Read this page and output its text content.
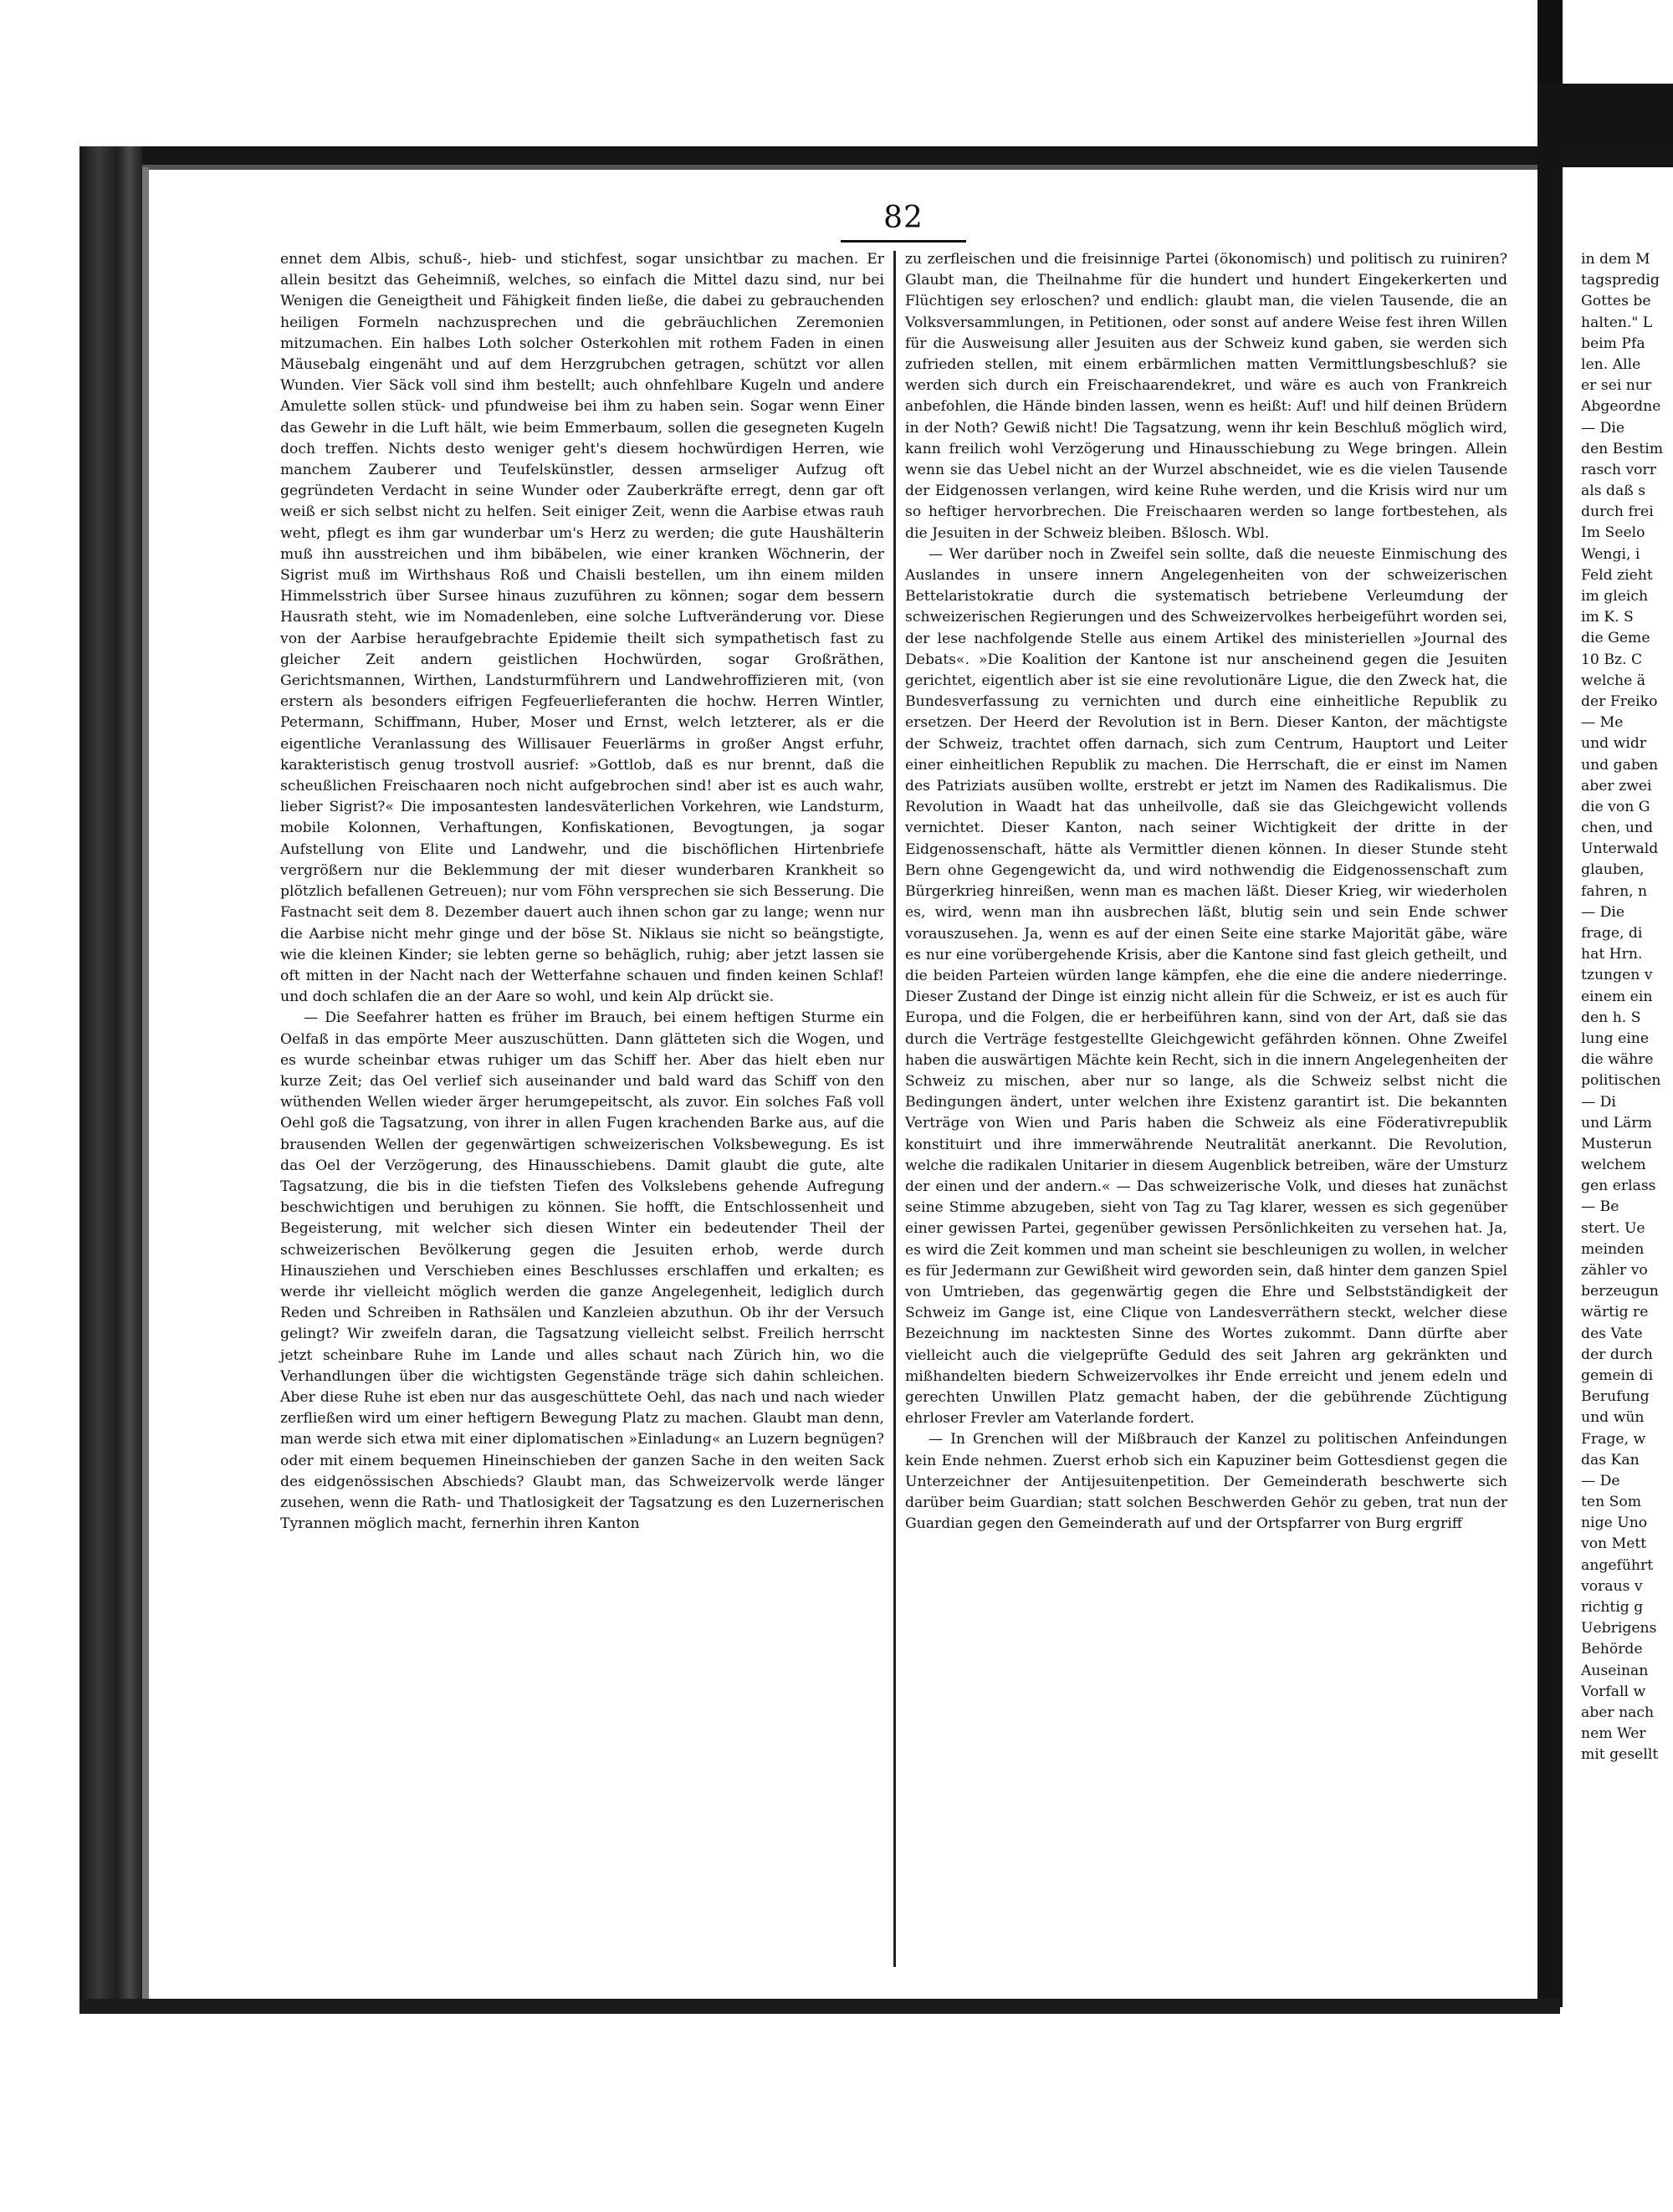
82

ennet dem Albis, schuß-, hieb- und stichfest, sogar unsichtbar zu machen. Er allein besitzt das Geheimniß, welches, so einfach die Mittel dazu sind, nur bei Wenigen die Geneigtheit und Fähigkeit finden ließe, die dabei zu gebrauchenden heiligen Formeln nachzusprechen und die gebräuchlichen Zeremonien mitzumachen. Ein halbes Loth solcher Osterkohlen mit rothem Faden in einen Mäusebalg eingenäht und auf dem Herzgrubchen getragen, schützt vor allen Wunden. Vier Säck voll sind ihm bestellt; auch ohnfehlbare Kugeln und andere Amulette sollen stück- und pfundweise bei ihm zu haben sein. Sogar wenn Einer das Gewehr in die Luft hält, wie beim Emmerbaum, sollen die gesegneten Kugeln doch treffen. Nichts desto weniger geht's diesem hochwürdigen Herren, wie manchem Zauberer und Teufelskünstler, dessen armseliger Aufzug oft gegründeten Verdacht in seine Wunder oder Zauberkräfte erregt, denn gar oft weiß er sich selbst nicht zu helfen. Seit einiger Zeit, wenn die Aarbise etwas rauh weht, pflegt es ihm gar wunderbar um's Herz zu werden; die gute Haushälterin muß ihn ausstreichen und ihm bibäbelen, wie einer kranken Wöchnerin, der Sigrist muß im Wirthshaus Roß und Chaisli bestellen, um ihn einem milden Himmelsstrich über Sursee hinaus zuzuführen zu können; sogar dem bessern Hausrath steht, wie im Nomadenleben, eine solche Luftveränderung vor. Diese von der Aarbise heraufgebrachte Epidemie theilt sich sympathetisch fast zu gleicher Zeit andern geistlichen Hochwürden, sogar Großräthen, Gerichtsmannen, Wirthen, Landsturmführern und Landwehroffizieren mit, (von erstern als besonders eifrigen Fegfeuerlieferanten die hochw. Herren Wintler, Petermann, Schiffmann, Huber, Moser und Ernst, welch letzterer, als er die eigentliche Veranlassung des Willisauer Feuerlärms in großer Angst erfuhr, karakteristisch genug trostvoll ausrief: »Gottlob, daß es nur brennt, daß die scheußlichen Freischaaren noch nicht aufgebrochen sind! aber ist es auch wahr, lieber Sigrist?« Die imposantesten landesväterlichen Vorkehren, wie Landsturm, mobile Kolonnen, Verhaftungen, Konfiskationen, Bevogtungen, ja sogar Aufstellung von Elite und Landwehr, und die bischöflichen Hirtenbriefe vergrößern nur die Beklemmung der mit dieser wunderbaren Krankheit so plötzlich befallenen Getreuen); nur vom Föhn versprechen sie sich Besserung. Die Fastnacht seit dem 8. Dezember dauert auch ihnen schon gar zu lange; wenn nur die Aarbise nicht mehr ginge und der böse St. Niklaus sie nicht so beängstigte, wie die kleinen Kinder; sie lebten gerne so behäglich, ruhig; aber jetzt lassen sie oft mitten in der Nacht nach der Wetterfahne schauen und finden keinen Schlaf! und doch schlafen die an der Aare so wohl, und kein Alp drückt sie.

— Die Seefahrer hatten es früher im Brauch, bei einem heftigen Sturme ein Oelfaß in das empörte Meer auszuschütten. Dann glätteten sich die Wogen, und es wurde scheinbar etwas ruhiger um das Schiff her. Aber das hielt eben nur kurze Zeit; das Oel verlief sich auseinander und bald ward das Schiff von den wüthenden Wellen wieder ärger herumgepeitscht, als zuvor. Ein solches Faß voll Oehl goß die Tagsatzung, von ihrer in allen Fugen krachenden Barke aus, auf die brausenden Wellen der gegenwärtigen schweizerischen Volksbewegung. Es ist das Oel der Verzögerung, des Hinausschiebens. Damit glaubt die gute, alte Tagsatzung, die bis in die tiefsten Tiefen des Volkslebens gehende Aufregung beschwichtigen und beruhigen zu können. Sie hofft, die Entschlossenheit und Begeisterung, mit welcher sich diesen Winter ein bedeutender Theil der schweizerischen Bevölkerung gegen die Jesuiten erhob, werde durch Hinausziehen und Verschieben eines Beschlusses erschlaffen und erkalten; es werde ihr vielleicht möglich werden die ganze Angelegenheit, lediglich durch Reden und Schreiben in Rathsälen und Kanzleien abzuthun. Ob ihr der Versuch gelingt? Wir zweifeln daran, die Tagsatzung vielleicht selbst. Freilich herrscht jetzt scheinbare Ruhe im Lande und alles schaut nach Zürich hin, wo die Verhandlungen über die wichtigsten Gegenstände träge sich dahin schleichen. Aber diese Ruhe ist eben nur das ausgeschüttete Oehl, das nach und nach wieder zerfließen wird um einer heftigern Bewegung Platz zu machen. Glaubt man denn, man werde sich etwa mit einer diplomatischen »Einladung« an Luzern begnügen? oder mit einem bequemen Hineinschieben der ganzen Sache in den weiten Sack des eidgenössischen Abschieds? Glaubt man, das Schweizervolk werde länger zusehen, wenn die Rath- und Thatlosigkeit der Tagsatzung es den Luzernerischen Tyrannen möglich macht, fernerhin ihren Kanton

zu zerfleischen und die freisinnige Partei (ökonomisch) und politisch zu ruiniren? Glaubt man, die Theilnahme für die hundert und hundert Eingekerkerten und Flüchtigen sey erloschen? und endlich: glaubt man, die vielen Tausende, die an Volksversammlungen, in Petitionen, oder sonst auf andere Weise fest ihren Willen für die Ausweisung aller Jesuiten aus der Schweiz kund gaben, sie werden sich zufrieden stellen, mit einem erbärmlichen matten Vermittlungsbeschluß? sie werden sich durch ein Freischaarendekret, und wäre es auch von Frankreich anbefohlen, die Hände binden lassen, wenn es heißt: Auf! und hilf deinen Brüdern in der Noth? Gewiß nicht! Die Tagsatzung, wenn ihr kein Beschluß möglich wird, kann freilich wohl Verzögerung und Hinausschiebung zu Wege bringen. Allein wenn sie das Uebel nicht an der Wurzel abschneidet, wie es die vielen Tausende der Eidgenossen verlangen, wird keine Ruhe werden, und die Krisis wird nur um so heftiger hervorbrechen. Die Freischaaren werden so lange fortbestehen, als die Jesuiten in der Schweiz bleiben. Bšlosch. Wbl.

— Wer darüber noch in Zweifel sein sollte, daß die neueste Einmischung des Auslandes in unsere innern Angelegenheiten von der schweizerischen Bettelaristokratie durch die systematisch betriebene Verleumdung der schweizerischen Regierungen und des Schweizervolkes herbeigeführt worden sei, der lese nachfolgende Stelle aus einem Artikel des ministeriellen »Journal des Debats«. »Die Koalition der Kantone ist nur anscheinend gegen die Jesuiten gerichtet, eigentlich aber ist sie eine revolutionäre Ligue, die den Zweck hat, die Bundesverfassung zu vernichten und durch eine einheitliche Republik zu ersetzen. Der Heerd der Revolution ist in Bern. Dieser Kanton, der mächtigste der Schweiz, trachtet offen darnach, sich zum Centrum, Hauptort und Leiter einer einheitlichen Republik zu machen. Die Herrschaft, die er einst im Namen des Patriziats ausüben wollte, erstrebt er jetzt im Namen des Radikalismus. Die Revolution in Waadt hat das unheilvolle, daß sie das Gleichgewicht vollends vernichtet. Dieser Kanton, nach seiner Wichtigkeit der dritte in der Eidgenossenschaft, hätte als Vermittler dienen können. In dieser Stunde steht Bern ohne Gegengewicht da, und wird nothwendig die Eidgenossenschaft zum Bürgerkrieg hinreißen, wenn man es machen läßt. Dieser Krieg, wir wiederholen es, wird, wenn man ihn ausbrechen läßt, blutig sein und sein Ende schwer vorauszusehen. Ja, wenn es auf der einen Seite eine starke Majorität gäbe, wäre es nur eine vorübergehende Krisis, aber die Kantone sind fast gleich getheilt, und die beiden Parteien würden lange kämpfen, ehe die eine die andere niederringe. Dieser Zustand der Dinge ist einzig nicht allein für die Schweiz, er ist es auch für Europa, und die Folgen, die er herbeiführen kann, sind von der Art, daß sie das durch die Verträge festgestellte Gleichgewicht gefährden können. Ohne Zweifel haben die auswärtigen Mächte kein Recht, sich in die innern Angelegenheiten der Schweiz zu mischen, aber nur so lange, als die Schweiz selbst nicht die Bedingungen ändert, unter welchen ihre Existenz garantirt ist. Die bekannten Verträge von Wien und Paris haben die Schweiz als eine Föderativrepublik konstituirt und ihre immerwährende Neutralität anerkannt. Die Revolution, welche die radikalen Unitarier in diesem Augenblick betreiben, wäre der Umsturz der einen und der andern.« — Das schweizerische Volk, und dieses hat zunächst seine Stimme abzugeben, sieht von Tag zu Tag klarer, wessen es sich gegenüber einer gewissen Partei, gegenüber gewissen Persönlichkeiten zu versehen hat. Ja, es wird die Zeit kommen und man scheint sie beschleunigen zu wollen, in welcher es für Jedermann zur Gewißheit wird geworden sein, daß hinter dem ganzen Spiel von Umtrieben, das gegenwärtig gegen die Ehre und Selbstständigkeit der Schweiz im Gange ist, eine Clique von Landesverräthern steckt, welcher diese Bezeichnung im nacktesten Sinne des Wortes zukommt. Dann dürfte aber vielleicht auch die vielgeprüfte Geduld des seit Jahren arg gekränkten und mißhandelten biedern Schweizervolkes ihr Ende erreicht und jenem edeln und gerechten Unwillen Platz gemacht haben, der die gebührende Züchtigung ehrloser Frevler am Vaterlande fordert.

— In Grenchen will der Mißbrauch der Kanzel zu politischen Anfeindungen kein Ende nehmen. Zuerst erhob sich ein Kapuziner beim Gottesdienst gegen die Unterzeichner der Antijesuitenpetition. Der Gemeinderath beschwerte sich darüber beim Guardian; statt solchen Beschwerden Gehör zu geben, trat nun der Guardian gegen den Gemeinderath auf und der Ortspfarrer von Burg ergriff

in dem M
tagspredig
Gottes be
halten." L
beim Pfa
len. Alle
er sei nur
Abgeordne
— Die
den Bestim
rasch vorr
als daß s
durch frei
Im Seelo
Wengi, i
Feld zieht
im gleich
im K. S
die Geme
10 Bz. C
welche ä
der Freiko
— Me
und widr
und gaben
aber zwei
die von G
chen, und
Unterwald
glauben,
fahren, n
— Die
frage, di
hat Hrn.
tzungen v
einem ein
den h. S
lung eine
die währe
politischen
— Di
und Lärm
Musterun
welchem
gen erlass
— Be
stert. Ue
meinden
zähler vo
berzeugun
wärtig re
des Vate
der durch
gemein di
Berufung
und wün
Frage, w
das Kan
— De
ten Som
nige Uno
von Mett
angeführt
voraus v
richtig g
Uebrigens
Behörde
Auseinan
Vorfall w
aber nach
nem Wer
mit gesellt
